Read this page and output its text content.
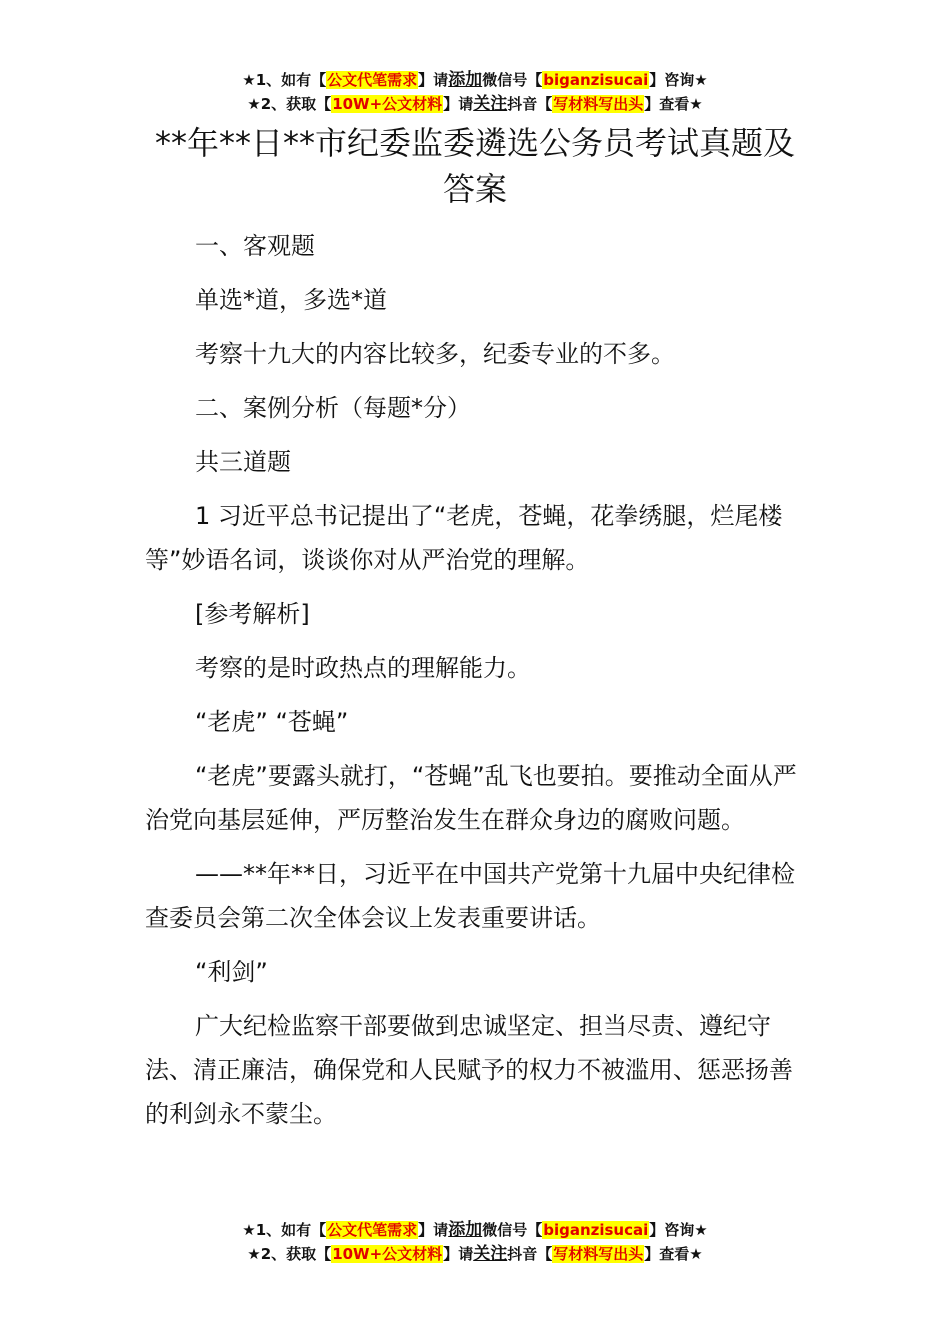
★1、如有【公文代笔需求】请添加微信号【biganzisucai】咨询★
★2、获取【10W+公文材料】请关注抖音【写材料写出头】查看★
**年**日**市纪委监委遴选公务员考试真题及答案

一、客观题

单选*道，多选*道

考察十九大的内容比较多，纪委专业的不多。

二、案例分析（每题*分）

共三道题

1 习近平总书记提出了“老虎，苍蝇，花拳绣腿，烂尾楼等”妙语名词，谈谈你对从严治党的理解。

[参考解析]

考察的是时政热点的理解能力。

“老虎” “苍蝇”

“老虎”要露头就打，“苍蝇”乱飞也要拍。要推动全面从严治党向基层延伸，严厉整治发生在群众身边的腐败问题。

——**年**日，习近平在中国共产党第十九届中央纪律检查委员会第二次全体会议上发表重要讲话。

“利剑”

广大纪检监察干部要做到忠诚坚定、担当尽责、遵纪守法、清正廉洁，确保党和人民赋予的权力不被滥用、惩恶扬善的利剑永不蒙尘。

★1、如有【公文代笔需求】请添加微信号【biganzisucai】咨询★
★2、获取【10W+公文材料】请关注抖音【写材料写出头】查看★
